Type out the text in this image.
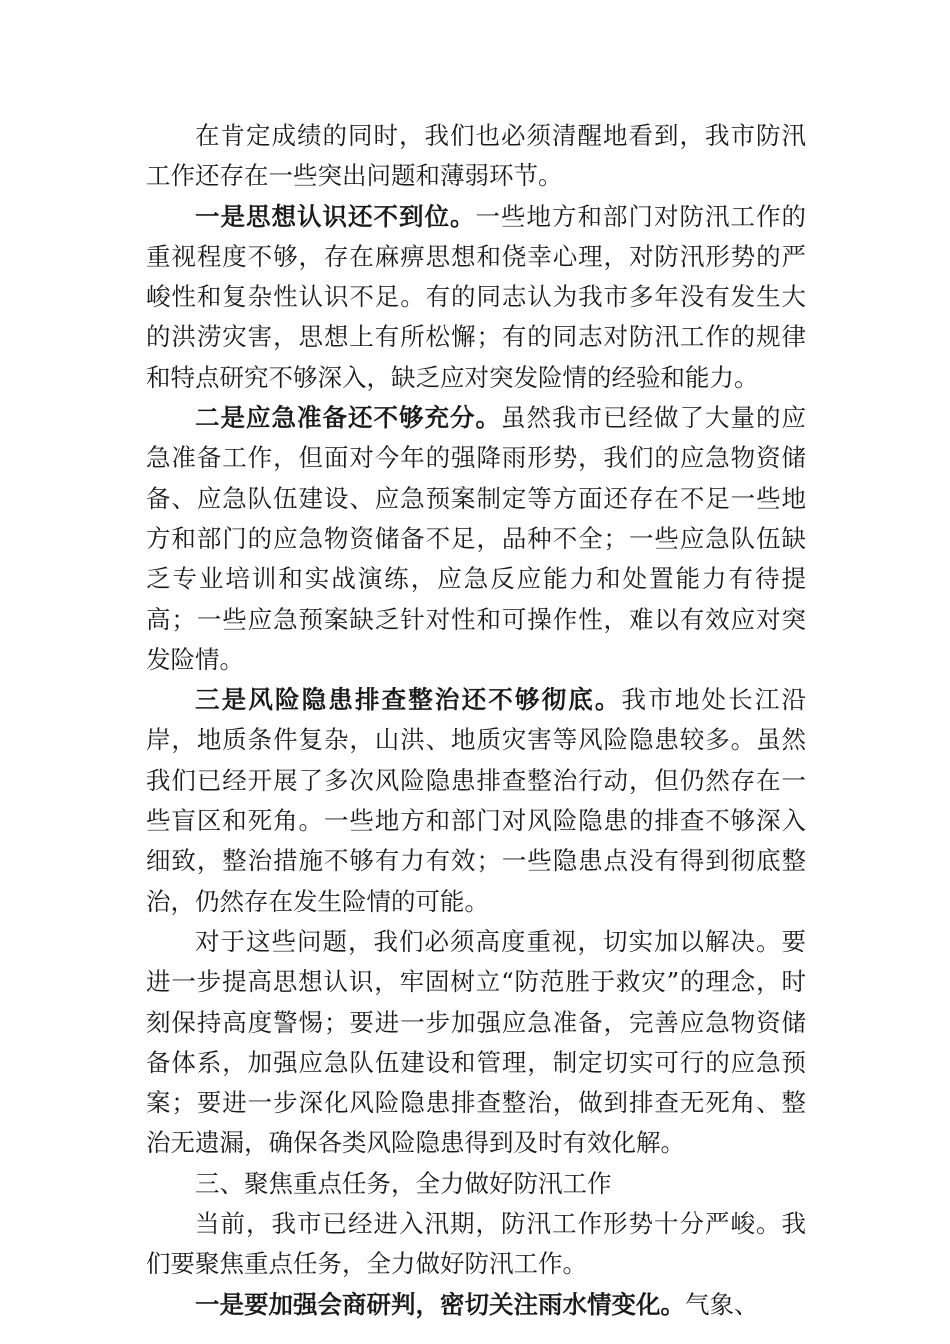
在肯定成绩的同时，我们也必须清醒地看到，我市防汛工作还存在一些突出问题和薄弱环节。

一是思想认识还不到位。一些地方和部门对防汛工作的重视程度不够，存在麻痹思想和侥幸心理，对防汛形势的严峻性和复杂性认识不足。有的同志认为我市多年没有发生大的洪涝灾害，思想上有所松懈；有的同志对防汛工作的规律和特点研究不够深入，缺乏应对突发险情的经验和能力。

二是应急准备还不够充分。虽然我市已经做了大量的应急准备工作，但面对今年的强降雨形势，我们的应急物资储备、应急队伍建设、应急预案制定等方面还存在不足一些地方和部门的应急物资储备不足，品种不全；一些应急队伍缺乏专业培训和实战演练，应急反应能力和处置能力有待提高；一些应急预案缺乏针对性和可操作性，难以有效应对突发险情。

三是风险隐患排查整治还不够彻底。我市地处长江沿岸，地质条件复杂，山洪、地质灾害等风险隐患较多。虽然我们已经开展了多次风险隐患排查整治行动，但仍然存在一些盲区和死角。一些地方和部门对风险隐患的排查不够深入细致，整治措施不够有力有效；一些隐患点没有得到彻底整治，仍然存在发生险情的可能。

对于这些问题，我们必须高度重视，切实加以解决。要进一步提高思想认识，牢固树立“防范胜于救灾”的理念，时刻保持高度警惕；要进一步加强应急准备，完善应急物资储备体系，加强应急队伍建设和管理，制定切实可行的应急预案；要进一步深化风险隐患排查整治，做到排查无死角、整治无遗漏，确保各类风险隐患得到及时有效化解。

三、聚焦重点任务，全力做好防汛工作

当前，我市已经进入汛期，防汛工作形势十分严峻。我们要聚焦重点任务，全力做好防汛工作。

一是要加强会商研判，密切关注雨水情变化。气象、
